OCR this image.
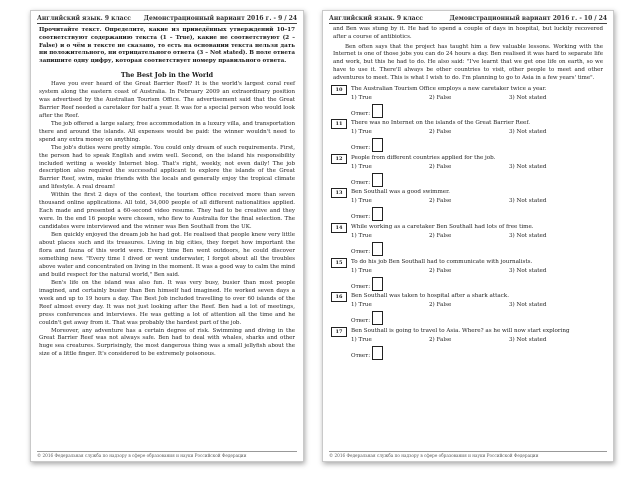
Английский язык. 9 класс Демонстрационный вариант 2016 г. - 9 / 24
Прочитайте текст. Определите, какие из приведённых утверждений 10–17 соответствуют содержанию текста (1 – True), какие не соответствуют (2 – False) и о чём в тексте не сказано, то есть на основании текста нельзя дать ни положительного, ни отрицательного ответа (3 – Not stated). В поле ответа запишите одну цифру, которая соответствует номеру правильного ответа.
The Best Job in the World
Have you ever heard of the Great Barrier Reef? It is the world's largest coral reef system along the eastern coast of Australia. In February 2009 an extraordinary position was advertised by the Australian Tourism Office. The advertisement said that the Great Barrier Reef needed a caretaker for half a year. It was for a special person who would look after the Reef.
The job offered a large salary, free accommodation in a luxury villa, and transportation there and around the islands. All expenses would be paid: the winner wouldn't need to spend any extra money on anything.
The job's duties were pretty simple. You could only dream of such requirements. First, the person had to speak English and swim well. Second, on the island his responsibility included writing a weekly Internet blog. That's right, weekly, not even daily! The job description also required the successful applicant to explore the islands of the Great Barrier Reef, swim, make friends with the locals and generally enjoy the tropical climate and lifestyle. A real dream!
Within the first 2 days of the contest, the tourism office received more than seven thousand online applications. All told, 34,000 people of all different nationalities applied. Each made and presented a 60-second video resume. They had to be creative and they were. In the end 16 people were chosen, who flew to Australia for the final selection. The candidates were interviewed and the winner was Ben Southall from the UK.
Ben quickly enjoyed the dream job he had got. He realised that people knew very little about places such and its treasures. Living in big cities, they forget how important the flora and fauna of this world were. Every time Ben went outdoors, he could discover something new. "Every time I dived or went underwater, I forgot about all the troubles above water and concentrated on living in the moment. It was a good way to calm the mind and build respect for the natural world," Ben said.
Ben's life on the island was also fun. It was very busy, busier than most people imagined, and certainly busier than Ben himself had imagined. He worked seven days a week and up to 19 hours a day. The Best Job included travelling to over 60 islands of the Reef almost every day. It was not just looking after the Reef. Ben had a lot of meetings, press conferences and interviews. He was getting a lot of attention all the time and he couldn't get away from it. That was probably the hardest part of the job.
Moreover, any adventure has a certain degree of risk. Swimming and diving in the Great Barrier Reef was not always safe. Ben had to deal with whales, sharks and other huge sea creatures. Surprisingly, the most dangerous thing was a small jellyfish about the size of a little finger. It's considered to be extremely poisonous.
© 2016 Федеральная служба по надзору в сфере образования и науки Российской Федерации
Английский язык. 9 класс	Демонстрационный вариант 2016 г. - 10 / 24
and Ben was stung by it. He had to spend a couple of days in hospital, but luckily recovered after a course of antibiotics.
Ben often says that the project has taught him a few valuable lessons. Working with the Internet is one of those jobs you can do 24 hours a day. Ben realised it was hard to separate life and work, but this he had to do. He also said: "I've learnt that we get one life on earth, so we have to use it. There'll always be other countries to visit, other people to meet and other adventures to meet. This is what I wish to do. I'm planning to go to Asia in a few years' time".
10	The Australian Tourism Office employs a new caretaker twice a year.
1) True	2) False	3) Not stated
Ответ:
11	There was no Internet on the islands of the Great Barrier Reef.
1) True	2) False	3) Not stated
Ответ:
12	People from different countries applied for the job.
1) True	2) False	3) Not stated
Ответ:
13	Ben Southall was a good swimmer.
1) True	2) False	3) Not stated
Ответ:
14	While working as a caretaker Ben Southall had lots of free time.
1) True	2) False	3) Not stated
Ответ:
15	To do his job Ben Southall had to communicate with journalists.
1) True	2) False	3) Not stated
Ответ:
16	Ben Southall was taken to hospital after a shark attack.
1) True	2) False	3) Not stated
Ответ:
17	Ben Southall is going to travel to Asia. Where? as he will now start exploring
1) True	2) False	3) Not stated
Ответ:
© 2016 Федеральная служба по надзору в сфере образования и науки Российской Федерации
